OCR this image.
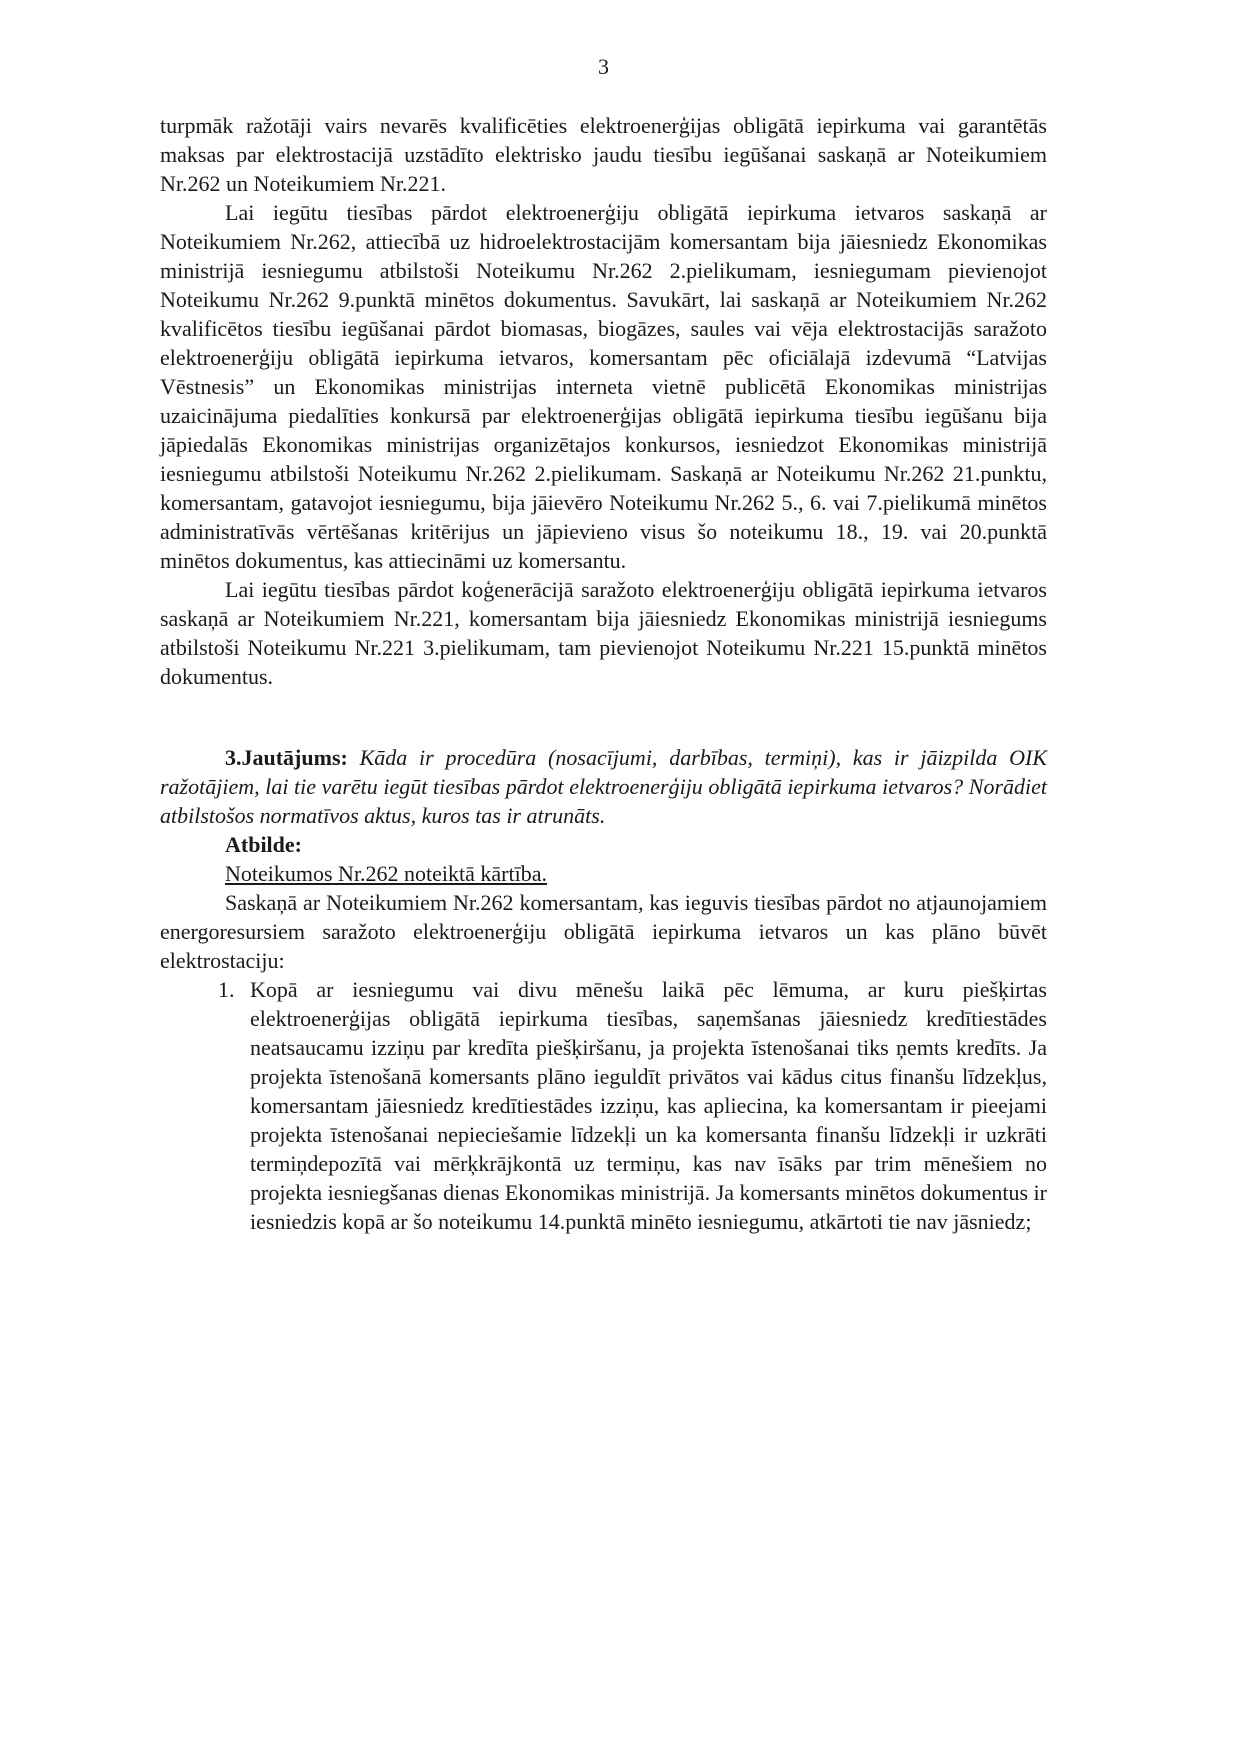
3

turpmāk ražotāji vairs nevarēs kvalificēties elektroenerģijas obligātā iepirkuma vai garantētās maksas par elektrostacijā uzstādīto elektrisko jaudu tiesību iegūšanai saskaņā ar Noteikumiem Nr.262 un Noteikumiem Nr.221.

Lai iegūtu tiesības pārdot elektroenerģiju obligātā iepirkuma ietvaros saskaņā ar Noteikumiem Nr.262, attiecībā uz hidroelektrostacijām komersantam bija jāiesniedz Ekonomikas ministrijā iesniegumu atbilstoši Noteikumu Nr.262 2.pielikumam, iesniegumam pievienojot Noteikumu Nr.262 9.punktā minētos dokumentus. Savukārt, lai saskaņā ar Noteikumiem Nr.262 kvalificētos tiesību iegūšanai pārdot biomasas, biogāzes, saules vai vēja elektrostacijās saražoto elektroenerģiju obligātā iepirkuma ietvaros, komersantam pēc oficiālajā izdevumā “Latvijas Vēstnesis” un Ekonomikas ministrijas interneta vietnē publicētā Ekonomikas ministrijas uzaicinājuma piedalīties konkursā par elektroenerģijas obligātā iepirkuma tiesību iegūšanu bija jāpiedalās Ekonomikas ministrijas organizētajos konkursos, iesniedzot Ekonomikas ministrijā iesniegumu atbilstoši Noteikumu Nr.262 2.pielikumam. Saskaņā ar Noteikumu Nr.262 21.punktu, komersantam, gatavojot iesniegumu, bija jāievēro Noteikumu Nr.262 5., 6. vai 7.pielikumā minētos administratīvās vērtēšanas kritērijus un jāpievieno visus šo noteikumu 18., 19. vai 20.punktā minētos dokumentus, kas attiecināmi uz komersantu.

Lai iegūtu tiesības pārdot koģenerācijā saražoto elektroenerģiju obligātā iepirkuma ietvaros saskaņā ar Noteikumiem Nr.221, komersantam bija jāiesniedz Ekonomikas ministrijā iesniegums atbilstoši Noteikumu Nr.221 3.pielikumam, tam pievienojot Noteikumu Nr.221 15.punktā minētos dokumentus.

3.Jautājums: Kāda ir procedūra (nosacījumi, darbības, termiņi), kas ir jāizpilda OIK ražotājiem, lai tie varētu iegūt tiesības pārdot elektroenerģiju obligātā iepirkuma ietvaros? Norādiet atbilstošos normatīvos aktus, kuros tas ir atrunāts.

Atbilde:

Noteikumos Nr.262 noteiktā kārtība.

Saskaņā ar Noteikumiem Nr.262 komersantam, kas ieguvis tiesības pārdot no atjaunojamiem energoresursiem saražoto elektroenerģiju obligātā iepirkuma ietvaros un kas plāno būvēt elektrostaciju:

1. Kopā ar iesniegumu vai divu mēnešu laikā pēc lēmuma, ar kuru piešķirtas elektroenerģijas obligātā iepirkuma tiesības, saņemšanas jāiesniedz kredītiestādes neatsaucamu izziņu par kredīta piešķiršanu, ja projekta īstenošanai tiks ņemts kredīts. Ja projekta īstenošanā komersants plāno ieguldīt privātos vai kādus citus finanšu līdzekļus, komersantam jāiesniedz kredītiestādes izziņu, kas apliecina, ka komersantam ir pieejami projekta īstenošanai nepieciešamie līdzekļi un ka komersanta finanšu līdzekļi ir uzkrāti termiņdepozītā vai mērķkrājkontā uz termiņu, kas nav īsāks par trim mēnešiem no projekta iesniegšanas dienas Ekonomikas ministrijā. Ja komersants minētos dokumentus ir iesniedzis kopā ar šo noteikumu 14.punktā minēto iesniegumu, atkārtoti tie nav jāsniedz;
